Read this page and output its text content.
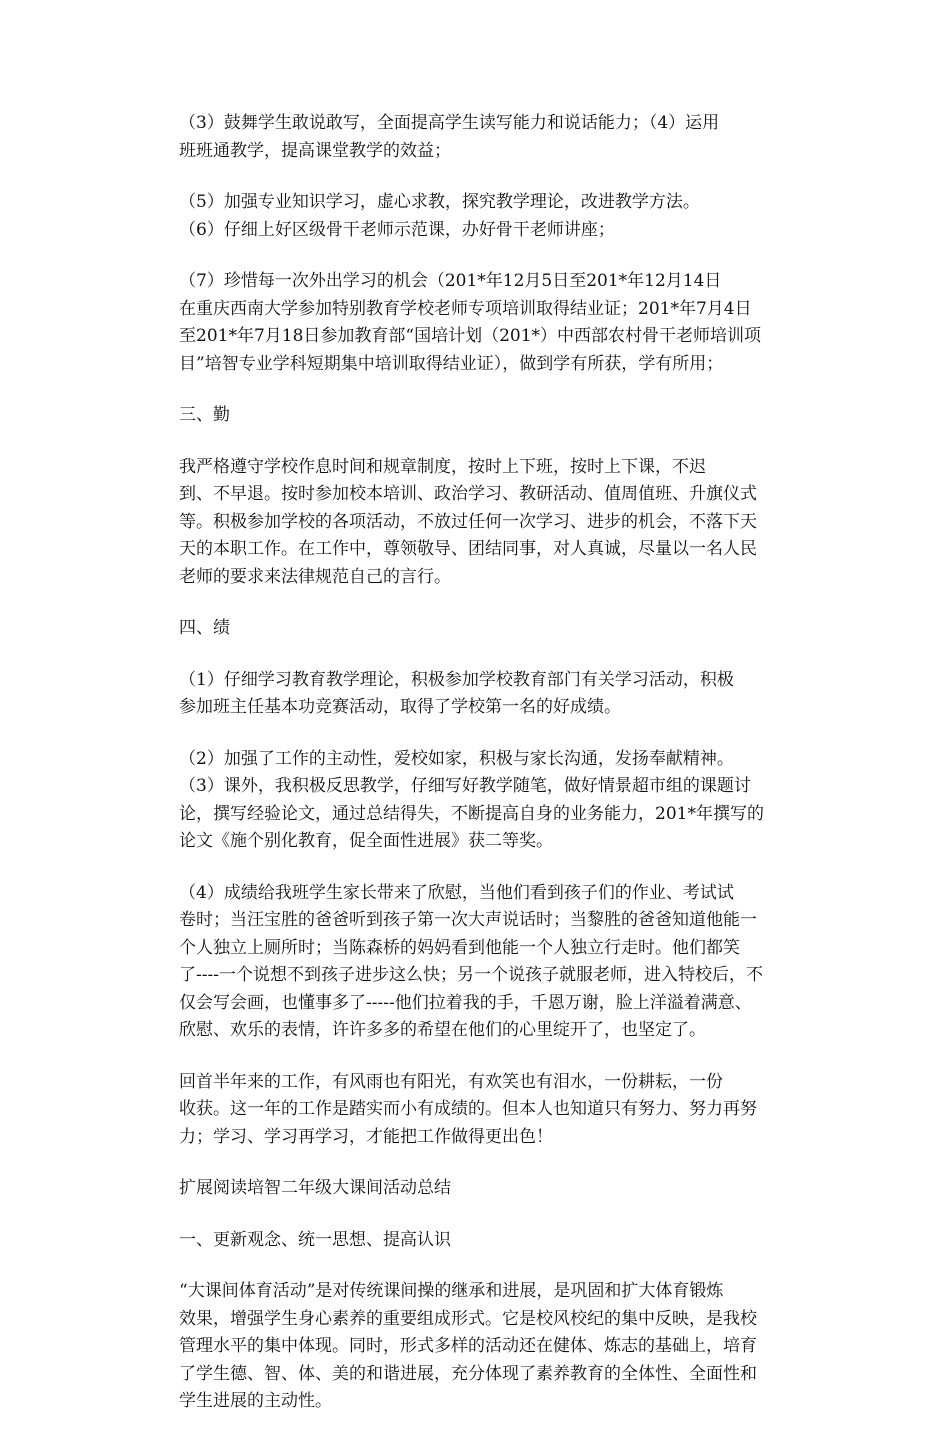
（3）鼓舞学生敢说敢写，全面提高学生读写能力和说话能力；（4）运用
班班通教学，提高课堂教学的效益；
（5）加强专业知识学习，虚心求教，探究教学理论，改进教学方法。
（6）仔细上好区级骨干老师示范课，办好骨干老师讲座；
（7）珍惜每一次外出学习的机会（201*年12月5日至201*年12月14日
在重庆西南大学参加特别教育学校老师专项培训取得结业证；201*年7月4日
至201*年7月18日参加教育部“国培计划（201*）中西部农村骨干老师培训项
目”培智专业学科短期集中培训取得结业证），做到学有所获，学有所用；
三、勤
我严格遵守学校作息时间和规章制度，按时上下班，按时上下课，不迟
到、不早退。按时参加校本培训、政治学习、教研活动、值周值班、升旗仪式
等。积极参加学校的各项活动，不放过任何一次学习、进步的机会，不落下天
天的本职工作。在工作中，尊领敬导、团结同事，对人真诚，尽量以一名人民
老师的要求来法律规范自己的言行。
四、绩
（1）仔细学习教育教学理论，积极参加学校教育部门有关学习活动，积极
参加班主任基本功竞赛活动，取得了学校第一名的好成绩。
（2）加强了工作的主动性，爱校如家，积极与家长沟通，发扬奉献精神。
（3）课外，我积极反思教学，仔细写好教学随笔，做好情景超市组的课题讨
论，撰写经验论文，通过总结得失，不断提高自身的业务能力，201*年撰写的
论文《施个别化教育，促全面性进展》获二等奖。
（4）成绩给我班学生家长带来了欣慰，当他们看到孩子们的作业、考试试
卷时；当汪宝胜的爸爸听到孩子第一次大声说话时；当黎胜的爸爸知道他能一
个人独立上厕所时；当陈森桥的妈妈看到他能一个人独立行走时。他们都笑
了----一个说想不到孩子进步这么快；另一个说孩子就服老师，进入特校后，不
仅会写会画，也懂事多了-----他们拉着我的手，千恩万谢，脸上洋溢着满意、
欣慰、欢乐的表情，许许多多的希望在他们的心里绽开了，也坚定了。
回首半年来的工作，有风雨也有阳光，有欢笑也有泪水，一份耕耘，一份
收获。这一年的工作是踏实而小有成绩的。但本人也知道只有努力、努力再努
力；学习、学习再学习，才能把工作做得更出色！
扩展阅读培智二年级大课间活动总结
一、更新观念、统一思想、提高认识
“大课间体育活动”是对传统课间操的继承和进展，是巩固和扩大体育锻炼
效果，增强学生身心素养的重要组成形式。它是校风校纪的集中反映，是我校
管理水平的集中体现。同时，形式多样的活动还在健体、炼志的基础上，培育
了学生德、智、体、美的和谐进展，充分体现了素养教育的全体性、全面性和
学生进展的主动性。
